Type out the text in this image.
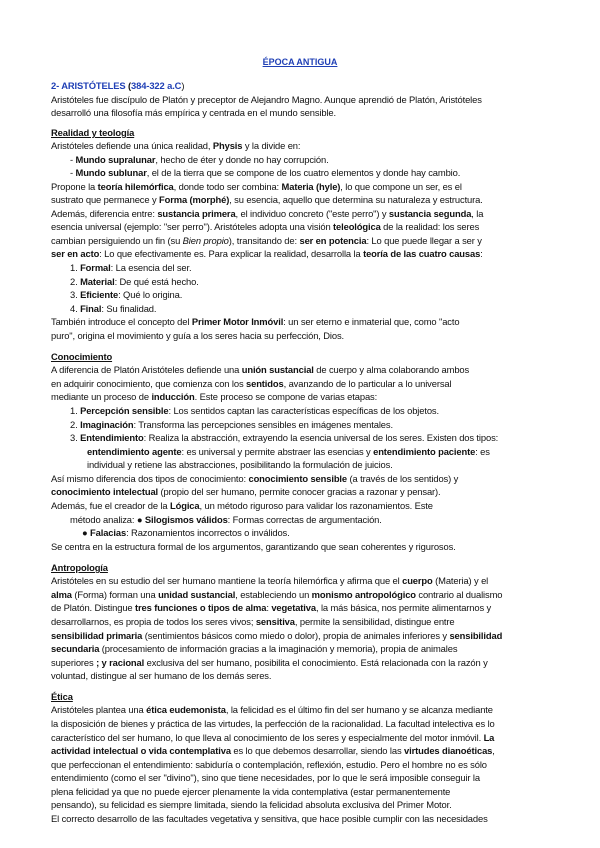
ÉPOCA ANTIGUA
2- ARISTÓTELES (384-322 a.C)
Aristóteles fue discípulo de Platón y preceptor de Alejandro Magno. Aunque aprendió de Platón, Aristóteles
desarrolló una filosofía más empírica y centrada en el mundo sensible.
Realidad y teología
Aristóteles defiende una única realidad, Physis y la divide en:
- Mundo supralunar, hecho de éter y donde no hay corrupción.
- Mundo sublunar, el de la tierra que se compone de los cuatro elementos y donde hay cambio.
Propone la teoría hilemórfica, donde todo ser combina: Materia (hyle), lo que compone un ser, es el
sustrato que permanece y Forma (morphé), su esencia, aquello que determina su naturaleza y estructura.
Además, diferencia entre: sustancia primera, el individuo concreto ("este perro") y sustancia segunda, la
esencia universal (ejemplo: "ser perro"). Aristóteles adopta una visión teleológica de la realidad: los seres
cambian persiguiendo un fin (su Bien propio), transitando de: ser en potencia: Lo que puede llegar a ser y
ser en acto: Lo que efectivamente es. Para explicar la realidad, desarrolla la teoría de las cuatro causas:
1. Formal: La esencia del ser.
2. Material: De qué está hecho.
3. Eficiente: Qué lo origina.
4. Final: Su finalidad.
También introduce el concepto del Primer Motor Inmóvil: un ser eterno e inmaterial que, como "acto
puro", origina el movimiento y guía a los seres hacia su perfección, Dios.
Conocimiento
A diferencia de Platón Aristóteles defiende una unión sustancial de cuerpo y alma colaborando ambos
en adquirir conocimiento, que comienza con los sentidos, avanzando de lo particular a lo universal
mediante un proceso de inducción. Este proceso se compone de varias etapas:
1. Percepción sensible: Los sentidos captan las características específicas de los objetos.
2. Imaginación: Transforma las percepciones sensibles en imágenes mentales.
3. Entendimiento: Realiza la abstracción, extrayendo la esencia universal de los seres. Existen dos tipos:
entendimiento agente: es universal y permite abstraer las esencias y entendimiento paciente: es
individual y retiene las abstracciones, posibilitando la formulación de juicios.
Así mismo diferencia dos tipos de conocimiento: conocimiento sensible (a través de los sentidos) y
conocimiento intelectual (propio del ser humano, permite conocer gracias a razonar y pensar).
Además, fue el creador de la Lógica, un método riguroso para validar los razonamientos. Este
método analiza: ● Silogismos válidos: Formas correctas de argumentación.
● Falacias: Razonamientos incorrectos o inválidos.
Se centra en la estructura formal de los argumentos, garantizando que sean coherentes y rigurosos.
Antropología
Aristóteles en su estudio del ser humano mantiene la teoría hilemórfica y afirma que el cuerpo (Materia) y el
alma (Forma) forman una unidad sustancial, estableciendo un monismo antropológico contrario al dualismo
de Platón. Distingue tres funciones o tipos de alma: vegetativa, la más básica, nos permite alimentarnos y
desarrollarnos, es propia de todos los seres vivos; sensitiva, permite la sensibilidad, distingue entre
sensibilidad primaria (sentimientos básicos como miedo o dolor), propia de animales inferiores y sensibilidad
secundaria (procesamiento de información gracias a la imaginación y memoria), propia de animales
superiores ; y racional exclusiva del ser humano, posibilita el conocimiento. Está relacionada con la razón y
voluntad, distingue al ser humano de los demás seres.
Ética
Aristóteles plantea una ética eudemonista, la felicidad es el último fin del ser humano y se alcanza mediante
la disposición de bienes y práctica de las virtudes, la perfección de la racionalidad. La facultad intelectiva es lo
característico del ser humano, lo que lleva al conocimiento de los seres y especialmente del motor inmóvil. La
actividad intelectual o vida contemplativa es lo que debemos desarrollar, siendo las virtudes dianoéticas,
que perfeccionan el entendimiento: sabiduría o contemplación, reflexión, estudio. Pero el hombre no es sólo
entendimiento (como el ser "divino"), sino que tiene necesidades, por lo que le será imposible conseguir la
plena felicidad ya que no puede ejercer plenamente la vida contemplativa (estar permanentemente
pensando), su felicidad es siempre limitada, siendo la felicidad absoluta exclusiva del Primer Motor.
El correcto desarrollo de las facultades vegetativa y sensitiva, que hace posible cumplir con las necesidades
